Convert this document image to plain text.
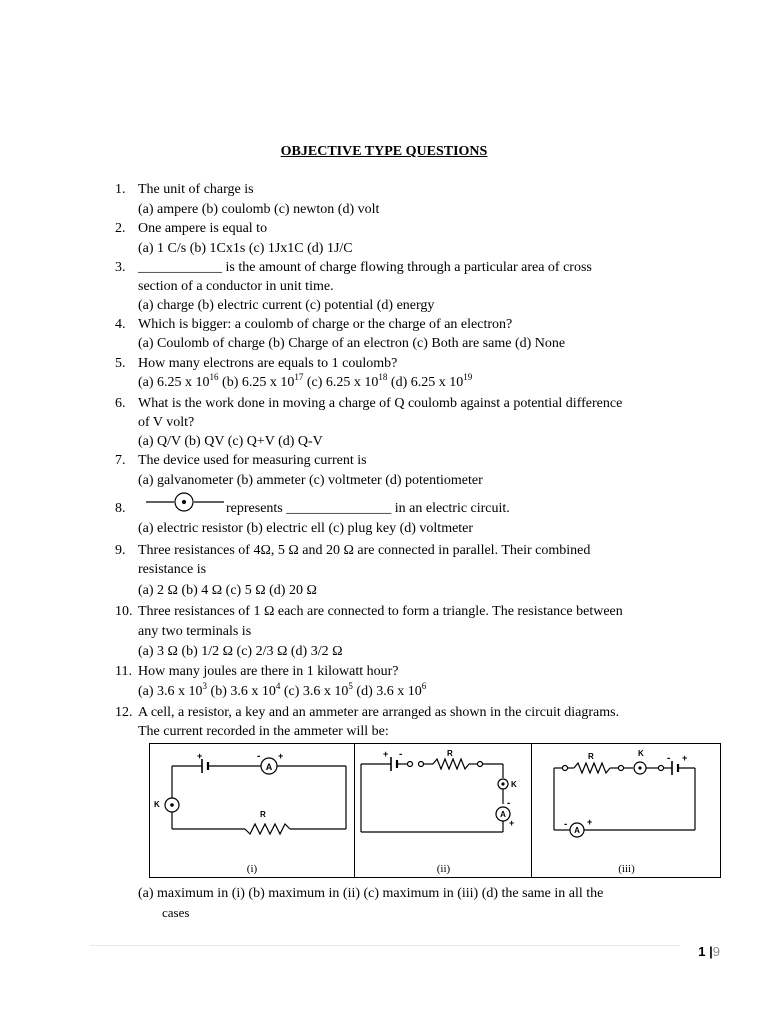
OBJECTIVE TYPE QUESTIONS
1. The unit of charge is
(a) ampere (b) coulomb (c) newton (d) volt
2. One ampere is equal to
(a) 1 C/s (b) 1Cx1s (c) 1Jx1C (d) 1J/C
3. ____________ is the amount of charge flowing through a particular area of cross
section of a conductor in unit time.
(a) charge (b) electric current (c) potential (d) energy
4. Which is bigger: a coulomb of charge or the charge of an electron?
(a) Coulomb of charge (b) Charge of an electron (c) Both are same (d) None
5. How many electrons are equals to 1 coulomb?
(a) 6.25 x $10^{16}$ (b) 6.25 x $10^{17}$ (c) 6.25 x $10^{18}$ (d) 6.25 x $10^{19}$
6. What is the work done in moving a charge of Q coulomb against a potential difference
of V volt?
(a) Q/V (b) QV (c) Q+V (d) Q-V
7. The device used for measuring current is
(a) galvanometer (b) ammeter (c) voltmeter (d) potentiometer
8.	represents _______________ in an electric circuit.
(a) electric resistor (b) electric ell (c) plug key (d) voltmeter
9. Three resistances of 4Ω, 5 Ω and 20 Ω are connected in parallel. Their combined
resistance is
(a) 2 Ω (b) 4 Ω (c) 5 Ω (d) 20 Ω
10. Three resistances of 1 Ω each are connected to form a triangle. The resistance between
any two terminals is
(a) 3 Ω (b) 1/2 Ω (c) 2/3 Ω (d) 3/2 Ω
11. How many joules are there in 1 kilowatt hour?
(a) 3.6 x $10^3$ (b) 3.6 x $10^4$ (c) 3.6 x $10^5$ (d) 3.6 x $10^6$
12. A cell, a resistor, a key and an ammeter are arranged as shown in the circuit diagrams.
The current recorded in the ammeter will be:
(a) maximum in (i) (b) maximum in (ii) (c) maximum in (iii) (d) the same in all the
cases
A
+	- +
R
K
(i)
A
+ -	R
K
-
+
(ii)
A
R	K - +
- +
(iii)
1 |9
